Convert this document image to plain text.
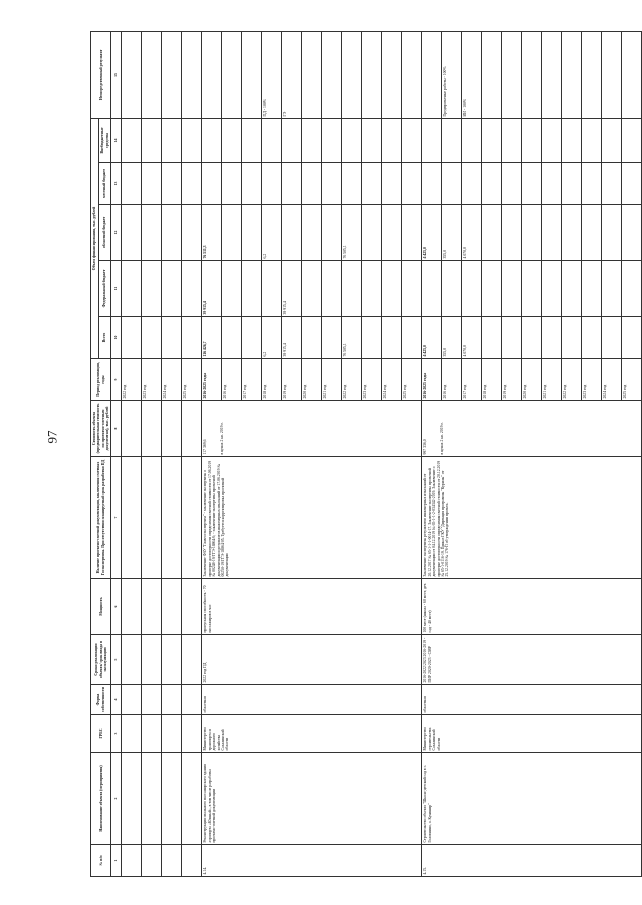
97
№ п/п	Наименование объекта (мероприятия)	ГРБС	Форма собственности	Сроки реализации объекта/ срок ввода в эксплуатацию	Мощность	Наличие проектно-сметной документации, заключения сметных Госэкспертизы. При отсутствии планируемый срок разработки ПД	Стоимость объекта (предварительная стоимость по проектно-сметным документам), тыс. рублей	Период реализации, годы	Объем финансирования, тыс. рублей					Непосредственный результат
									Всего	Федеральный бюджет	областной бюджет	местный бюджет	Внебюджетные средства	
1	2	3	4	5	6	7	8	9	10	11	12	13	14	15
								2022 год						
								2023 год						
								2024 год						
								2025 год						
4.14.	Реконструкция спального пассажирского здания аэропорта «Южный», в том числе разработка проектно-сметной документации	Министерство транспорта и дорожного хозяйства Сахалинской области	областная	2022 год ПД	пропускная способность - 70 пассажиров в час	Заключение ФАУ "Главгосэкспертиза" - заключение экспертизы о проверке достоверности определения сметной стоимости от 17.06.2019 № 00248-19/ГГЭ-18864/6; - заключение экспертизы проектной документации и результатов инженерных изысканий от 17.06.2019 № 00250-19/ГГЭ-18864/05. Требуется корректировка проектной документации	117 369,6 в ценах 2 кв. 2019 г.	2016-2025 годы	116 426,7	39 915,4	76 511,3			
								2016 год						
								2017 год						
								2018 год	6,2		6,2			ПД - 100%
								2019 год	39 915,4	39 915,4				ГЭ
								2020 год						
								2021 год						
								2022 год	76 505,1		76 505,1			
								2023 год						
								2024 год						
								2025 год						
4.15.	Строительство объекта "Школа-детский сад в с. Головнино, о. Кунашир"	Министерство строительства Сахалинской области	областная	2016-2022/2023 2016-2019 - ПИР 2020-2023 - СМР	100 мест (школа - 60 мест, дет. сад - 40 мест)	Заключение экспертизы результатов инженерных изысканий от 20.12.2017 № 65-1-1-1-0014-17. Заключение экспертизы проектной документации от 04.12.2019 № 65-1-1-2-034342-2019. Заключение о проверке достоверности определения сметной стоимости от 20.12.2019 № 65-1-0116-19. Приказ ГКУ "Дирекция программы "Курилы" от 25.12.2019 № 176-П об утверждении проекта.	997 336,0 в ценах 2 кв. 2019 г.	2016-2025 годы	4 425,0		4 425,0			
								2016 год	355,0		355,0			Предпроектные работы - 100%
								2017 год	4 070,0		4 070,0			ИИ - 100%
								2018 год						
								2019 год						
								2020 год						
								2021 год						
								2022 год						
								2023 год						
								2024 год						
								2025 год						
